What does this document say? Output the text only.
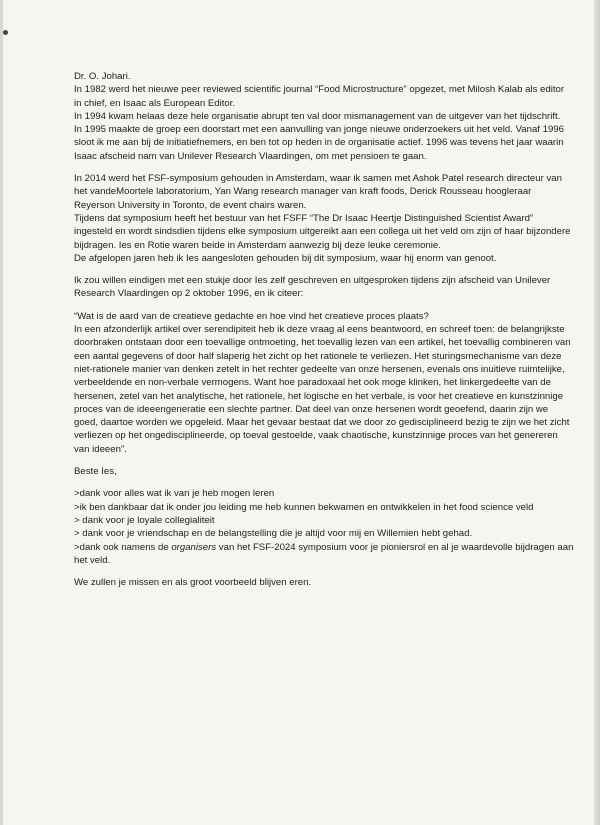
Dr. O. Johari.

In 1982 werd het nieuwe peer reviewed scientific journal “Food Microstructure” opgezet, met Milosh Kalab als editor in chief, en Isaac als European Editor.

In 1994 kwam helaas deze hele organisatie abrupt ten val door mismanagement van de uitgever van het tijdschrift.

In 1995 maakte de groep een doorstart met een aanvulling van jonge nieuwe onderzoekers uit het veld. Vanaf 1996 sloot ik me aan bij de initiatiefnemers, en ben tot op heden in de organisatie actief. 1996 was tevens het jaar waarin Isaac afscheid nam van Unilever Research Vlaardingen, om met pensioen te gaan.

In 2014 werd het FSF-symposium gehouden in Amsterdam, waar ik samen met Ashok Patel research directeur van het vandeMoortele laboratorium, Yan Wang research manager van kraft foods, Derick Rousseau hoogleraar Reyerson University in Toronto, de event chairs waren.

Tijdens dat symposium heeft het bestuur van het FSFF “The Dr Isaac Heertje Distinguished Scientist Award” ingesteld en wordt sindsdien tijdens elke symposium uitgereikt aan een collega uit het veld om zijn of haar bijzondere bijdragen. Ies en Rotie waren beide in Amsterdam aanwezig bij deze leuke ceremonie.

De afgelopen jaren heb ik Ies aangesloten gehouden bij dit symposium, waar hij enorm van genoot.

Ik zou willen eindigen met een stukje door Ies zelf geschreven en uitgesproken tijdens zijn afscheid van Unilever Research Vlaardingen op 2 oktober 1996, en ik citeer:

“Wat is de aard van de creatieve gedachte en hoe vind het creatieve proces plaats?

In een afzonderlijk artikel over serendipiteit heb ik deze vraag al eens beantwoord, en schreef toen: de belangrijkste doorbraken ontstaan door een toevallige ontmoeting, het toevallig lezen van een artikel, het toevallig combineren van een aantal gegevens of door half slaperig het zicht op het rationele te verliezen. Het sturingsmechanisme van deze niet-rationele manier van denken zetelt in het rechter gedeelte van onze hersenen, evenals ons inuitieve ruimtelijke, verbeeldende en non-verbale vermogens. Want hoe paradoxaal het ook moge klinken, het linkergedeelte van de hersenen, zetel van het analytische, het rationele, het logische en het verbale, is voor het creatieve en kunstzinnige proces van de ideeengeneratie een slechte partner. Dat deel van onze hersenen wordt geoefend, daarin zijn we goed, daartoe worden we opgeleid. Maar het gevaar bestaat dat we door zo gedisciplineerd bezig te zijn we het zicht verliezen op het ongedisciplineerde, op toeval gestoelde, vaak chaotische, kunstzinnige proces van het genereren van ideeen”.

Beste Ies,

>dank voor alles wat ik van je heb mogen leren
>ik ben dankbaar dat ik onder jou leiding me heb kunnen bekwamen en ontwikkelen in het food science veld
> dank voor je loyale collegialiteit
> dank voor je vriendschap en de belangstelling die je altijd voor mij en Willemien hebt gehad.
>dank ook namens de organisers van het FSF-2024 symposium voor je pioniersrol en al je waardevolle bijdragen aan het veld.

We zullen je missen en als groot voorbeeld blijven eren.
